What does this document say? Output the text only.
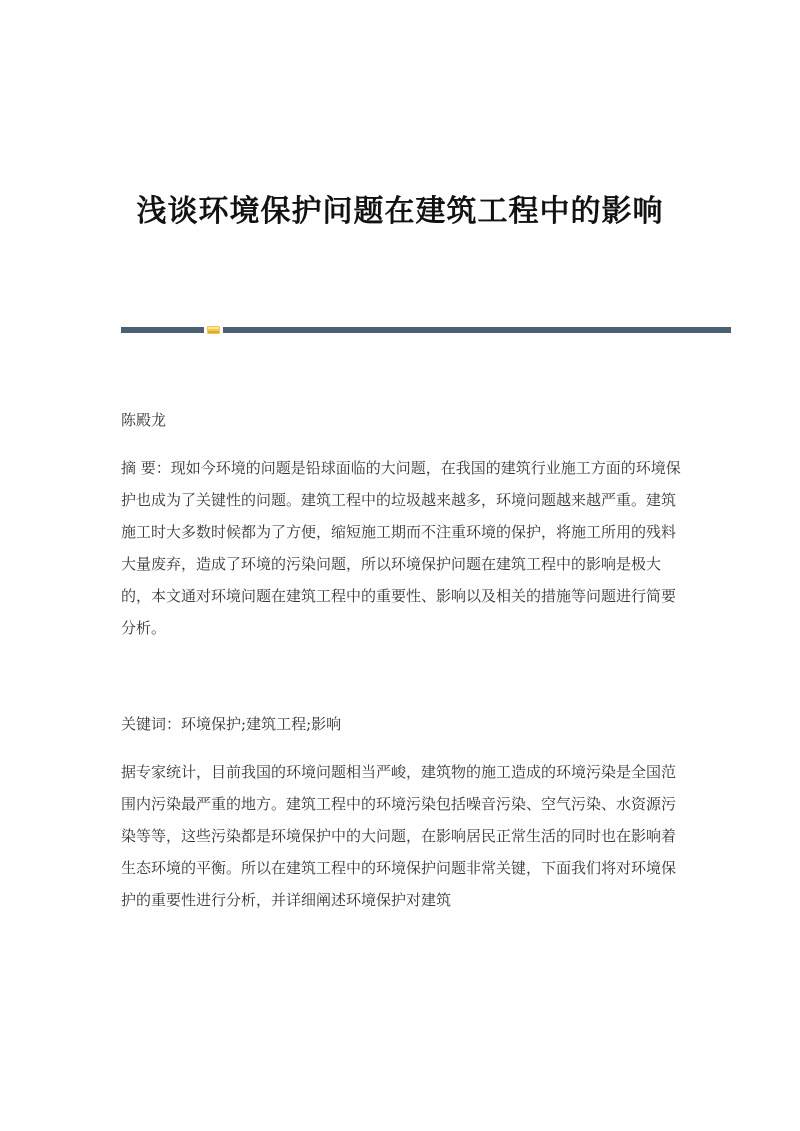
浅谈环境保护问题在建筑工程中的影响

陈殿龙

摘 要：现如今环境的问题是铅球面临的大问题，在我国的建筑行业施工方面的环境保护也成为了关键性的问题。建筑工程中的垃圾越来越多，环境问题越来越严重。建筑施工时大多数时候都为了方便，缩短施工期而不注重环境的保护，将施工所用的残料大量废弃，造成了环境的污染问题，所以环境保护问题在建筑工程中的影响是极大的，本文通对环境问题在建筑工程中的重要性、影响以及相关的措施等问题进行简要分析。

关键词：环境保护;建筑工程;影响

据专家统计，目前我国的环境问题相当严峻，建筑物的施工造成的环境污染是全国范围内污染最严重的地方。建筑工程中的环境污染包括噪音污染、空气污染、水资源污染等等，这些污染都是环境保护中的大问题，在影响居民正常生活的同时也在影响着生态环境的平衡。所以在建筑工程中的环境保护问题非常关键，下面我们将对环境保护的重要性进行分析，并详细阐述环境保护对建筑
